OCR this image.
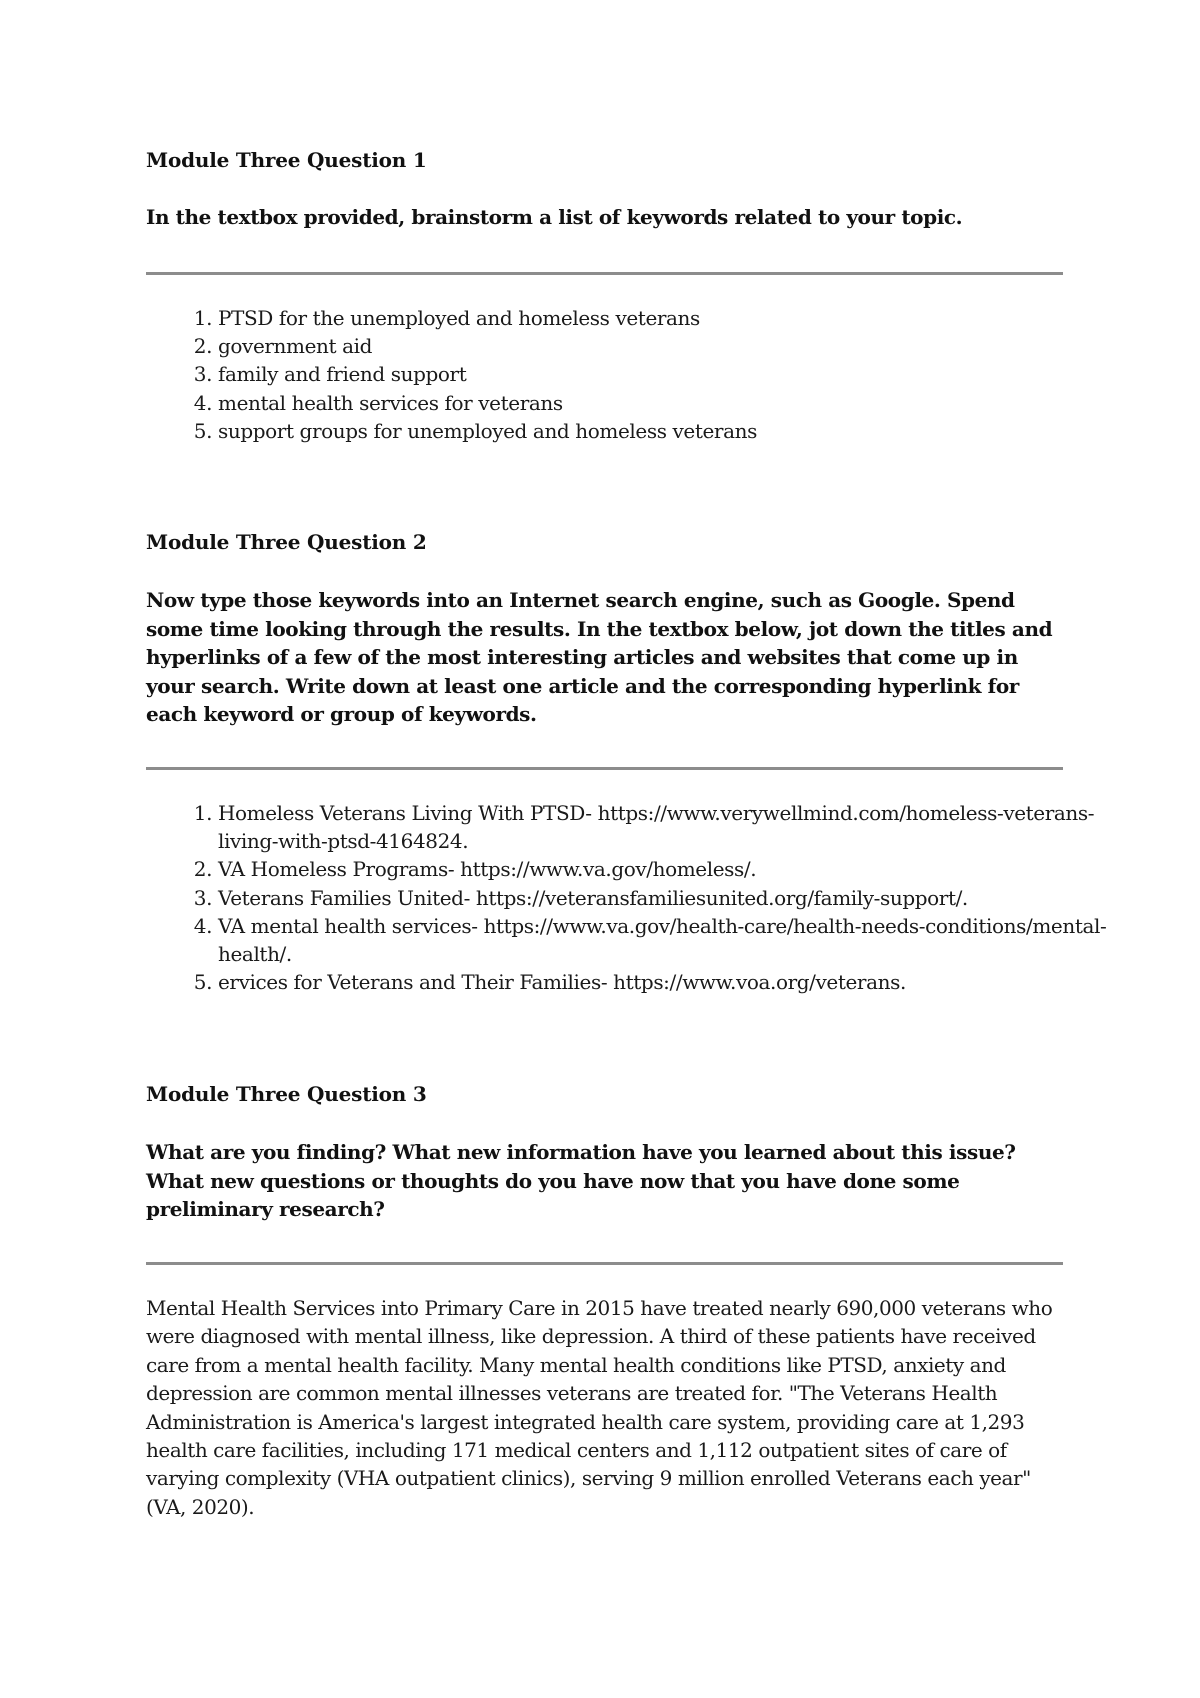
Module Three Question 1
In the textbox provided, brainstorm a list of keywords related to your topic.
1. PTSD for the unemployed and homeless veterans
2. government aid
3. family and friend support
4. mental health services for veterans
5. support groups for unemployed and homeless veterans
Module Three Question 2
Now type those keywords into an Internet search engine, such as Google. Spend some time looking through the results. In the textbox below, jot down the titles and hyperlinks of a few of the most interesting articles and websites that come up in your search. Write down at least one article and the corresponding hyperlink for each keyword or group of keywords.
1. Homeless Veterans Living With PTSD- https://www.verywellmind.com/homeless-veterans-living-with-ptsd-4164824.
2. VA Homeless Programs- https://www.va.gov/homeless/.
3. Veterans Families United- https://veteransfamiliesunited.org/family-support/.
4. VA mental health services- https://www.va.gov/health-care/health-needs-conditions/mental-health/.
5. ervices for Veterans and Their Families- https://www.voa.org/veterans.
Module Three Question 3
What are you finding? What new information have you learned about this issue? What new questions or thoughts do you have now that you have done some preliminary research?
Mental Health Services into Primary Care in 2015 have treated nearly 690,000 veterans who were diagnosed with mental illness, like depression. A third of these patients have received care from a mental health facility. Many mental health conditions like PTSD, anxiety and depression are common mental illnesses veterans are treated for. "The Veterans Health Administration is America's largest integrated health care system, providing care at 1,293 health care facilities, including 171 medical centers and 1,112 outpatient sites of care of varying complexity (VHA outpatient clinics), serving 9 million enrolled Veterans each year" (VA, 2020).
